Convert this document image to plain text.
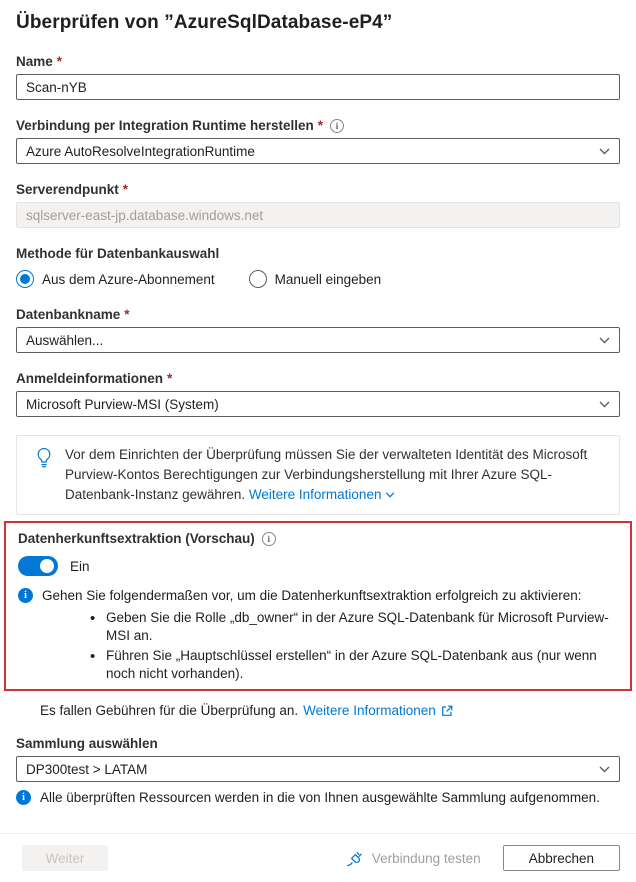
Überprüfen von ”AzureSqlDatabase-eP4”
Name *
Scan-nYB
Verbindung per Integration Runtime herstellen *
i
Azure AutoResolveIntegrationRuntime
Serverendpunkt *
sqlserver-east-jp.database.windows.net
Methode für Datenbankauswahl
Aus dem Azure-Abonnement	Manuell eingeben
Datenbankname *
Auswählen...
Anmeldeinformationen *
Microsoft Purview-MSI (System)
Vor dem Einrichten der Überprüfung müssen Sie der verwalteten Identität des Microsoft Purview-Kontos Berechtigungen zur Verbindungsherstellung mit Ihrer Azure SQL-Datenbank-Instanz gewähren. Weitere Informationen
Datenherkunftsextraktion (Vorschau)
i
Ein
i
Gehen Sie folgendermaßen vor, um die Datenherkunftsextraktion erfolgreich zu aktivieren:
• Geben Sie die Rolle „db_owner“ in der Azure SQL-Datenbank für Microsoft Purview-MSI an.
• Führen Sie „Hauptschlüssel erstellen“ in der Azure SQL-Datenbank aus (nur wenn noch nicht vorhanden).
Es fallen Gebühren für die Überprüfung an. Weitere Informationen
Sammlung auswählen
DP300test > LATAM
i
Alle überprüften Ressourcen werden in die von Ihnen ausgewählte Sammlung aufgenommen.
Weiter	Verbindung testen	Abbrechen
